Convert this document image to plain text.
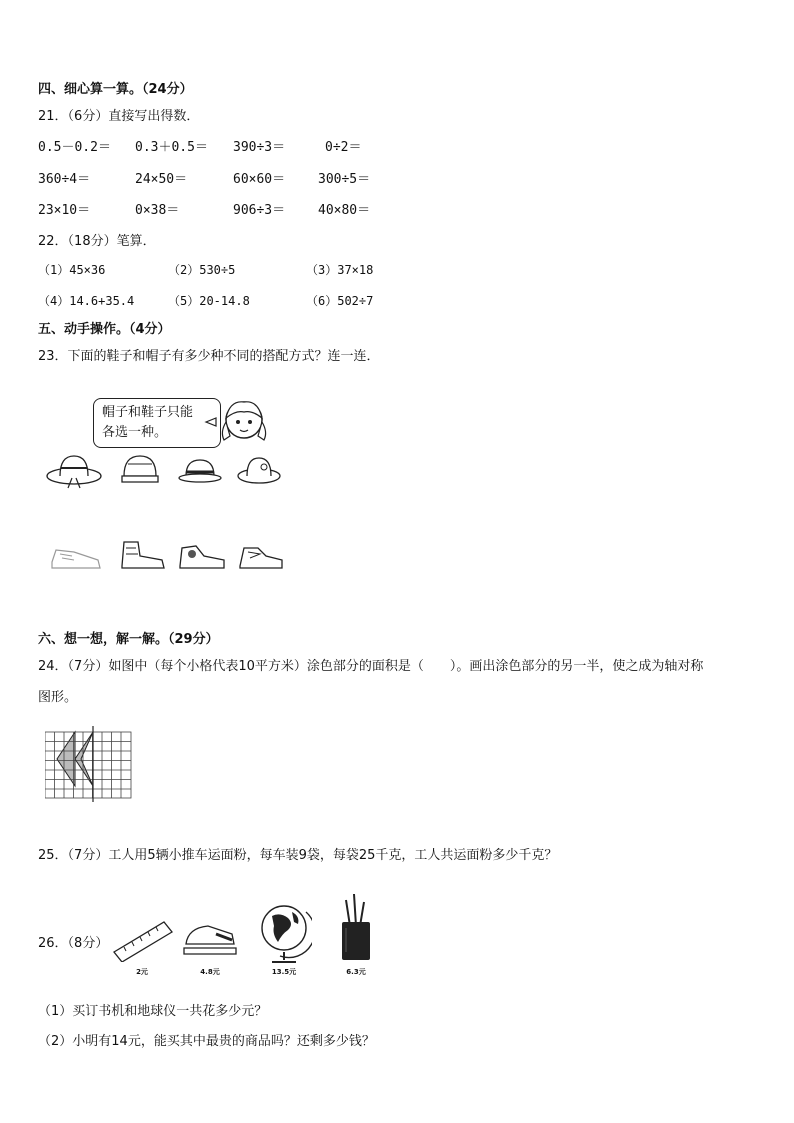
四、细心算一算。（24分）
21．（6分）直接写出得数．
0.5－0.2＝ 0.3＋0.5＝ 390÷3＝	0÷2＝
360÷4＝	24×50＝	60×60＝	300÷5＝
23×10＝	0×38＝	906÷3＝	40×80＝
22．（18分）笔算．
（1）45×36	（2）530÷5	（3）37×18
（4）14.6+35.4	（5）20-14.8	（6）502÷7
五、动手操作。（4分）
23．下面的鞋子和帽子有多少种不同的搭配方式？连一连．
帽子和鞋子只能
各选一种。
六、想一想，解一解。（29分）
24．（7分）如图中（每个小格代表10平方米）涂色部分的面积是（　　）。画出涂色部分的另一半，使之成为轴对称
图形。
25．（7分）工人用5辆小推车运面粉，每车装9袋，每袋25千克，工人共运面粉多少千克？
26．（8分）
2元	4.8元	13.5元	6.3元
（1）买订书机和地球仪一共花多少元？
（2）小明有14元，能买其中最贵的商品吗？还剩多少钱？
